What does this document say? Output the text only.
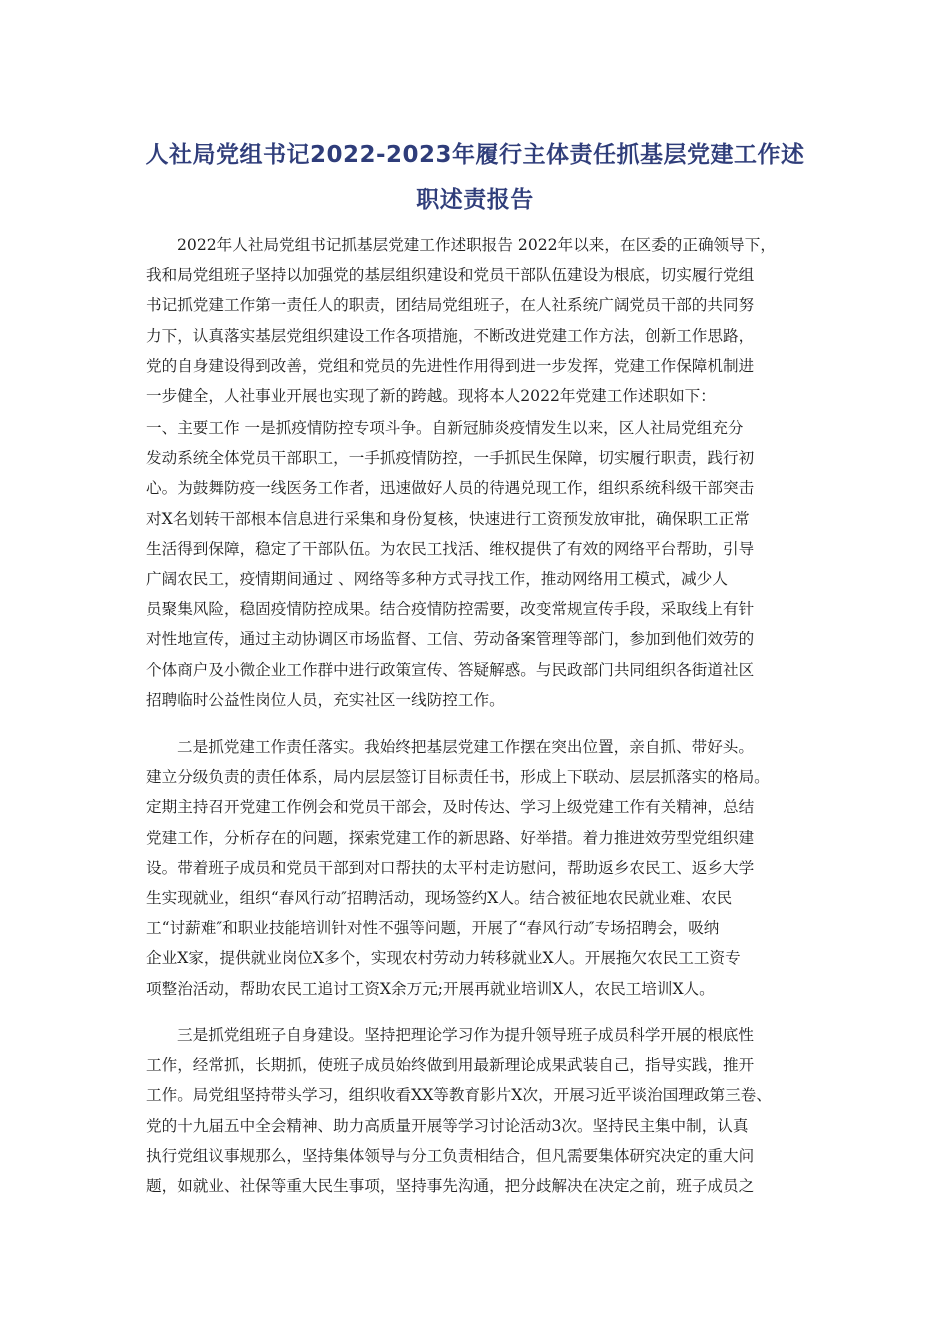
人社局党组书记2022-2023年履行主体责任抓基层党建工作述
职述责报告
2022年人社局党组书记抓基层党建工作述职报告 2022年以来，在区委的正确领导下，
我和局党组班子坚持以加强党的基层组织建设和党员干部队伍建设为根底，切实履行党组
书记抓党建工作第一责任人的职责，团结局党组班子，在人社系统广阔党员干部的共同努
力下，认真落实基层党组织建设工作各项措施，不断改进党建工作方法，创新工作思路，
党的自身建设得到改善，党组和党员的先进性作用得到进一步发挥，党建工作保障机制进
一步健全，人社事业开展也实现了新的跨越。现将本人2022年党建工作述职如下：
一、主要工作 一是抓疫情防控专项斗争。自新冠肺炎疫情发生以来，区人社局党组充分
发动系统全体党员干部职工，一手抓疫情防控，一手抓民生保障，切实履行职责，践行初
心。为鼓舞防疫一线医务工作者，迅速做好人员的待遇兑现工作，组织系统科级干部突击
对X名划转干部根本信息进行采集和身份复核，快速进行工资预发放审批，确保职工正常
生活得到保障，稳定了干部队伍。为农民工找活、维权提供了有效的网络平台帮助，引导
广阔农民工，疫情期间通过 、网络等多种方式寻找工作，推动网络用工模式，减少人
员聚集风险，稳固疫情防控成果。结合疫情防控需要，改变常规宣传手段，采取线上有针
对性地宣传，通过主动协调区市场监督、工信、劳动备案管理等部门，参加到他们效劳的
个体商户及小微企业工作群中进行政策宣传、答疑解惑。与民政部门共同组织各街道社区
招聘临时公益性岗位人员，充实社区一线防控工作。
二是抓党建工作责任落实。我始终把基层党建工作摆在突出位置，亲自抓、带好头。
建立分级负责的责任体系，局内层层签订目标责任书，形成上下联动、层层抓落实的格局。
定期主持召开党建工作例会和党员干部会，及时传达、学习上级党建工作有关精神，总结
党建工作，分析存在的问题，探索党建工作的新思路、好举措。着力推进效劳型党组织建
设。带着班子成员和党员干部到对口帮扶的太平村走访慰问，帮助返乡农民工、返乡大学
生实现就业，组织“春风行动″招聘活动，现场签约X人。结合被征地农民就业难、农民
工“讨薪难″和职业技能培训针对性不强等问题，开展了“春风行动″专场招聘会，吸纳
企业X家，提供就业岗位X多个，实现农村劳动力转移就业X人。开展拖欠农民工工资专
项整治活动，帮助农民工追讨工资X余万元;开展再就业培训X人，农民工培训X人。
三是抓党组班子自身建设。坚持把理论学习作为提升领导班子成员科学开展的根底性
工作，经常抓，长期抓，使班子成员始终做到用最新理论成果武装自己，指导实践，推开
工作。局党组坚持带头学习，组织收看XX等教育影片X次，开展习近平谈治国理政第三卷、
党的十九届五中全会精神、助力高质量开展等学习讨论活动3次。坚持民主集中制，认真
执行党组议事规那么，坚持集体领导与分工负责相结合，但凡需要集体研究决定的重大问
题，如就业、社保等重大民生事项，坚持事先沟通，把分歧解决在决定之前，班子成员之
